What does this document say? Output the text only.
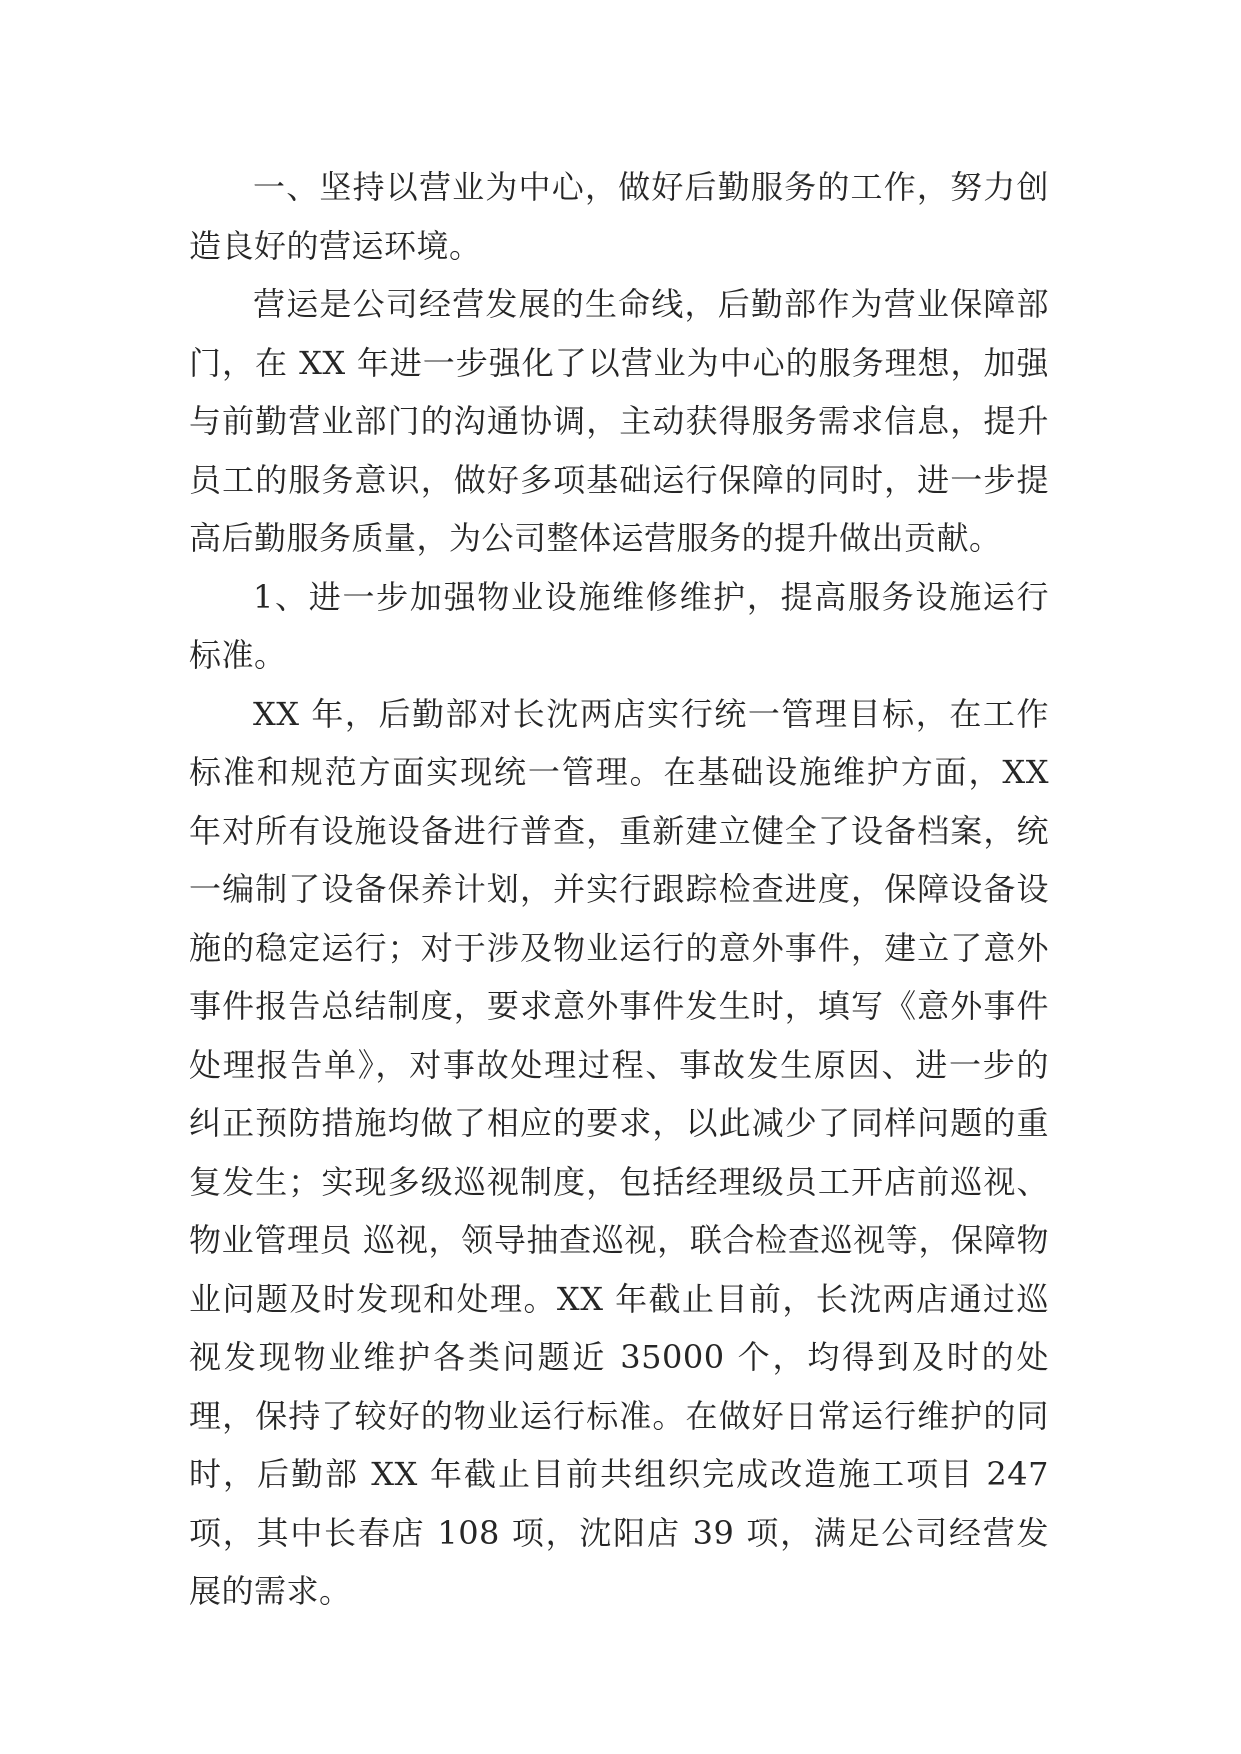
一、坚持以营业为中心，做好后勤服务的工作，努力创造良好的营运环境。

营运是公司经营发展的生命线，后勤部作为营业保障部门，在 XX 年进一步强化了以营业为中心的服务理想，加强与前勤营业部门的沟通协调，主动获得服务需求信息，提升员工的服务意识，做好多项基础运行保障的同时，进一步提高后勤服务质量，为公司整体运营服务的提升做出贡献。

1、进一步加强物业设施维修维护，提高服务设施运行标准。

XX 年，后勤部对长沈两店实行统一管理目标，在工作标准和规范方面实现统一管理。在基础设施维护方面，XX 年对所有设施设备进行普查，重新建立健全了设备档案，统一编制了设备保养计划，并实行跟踪检查进度，保障设备设施的稳定运行；对于涉及物业运行的意外事件，建立了意外事件报告总结制度，要求意外事件发生时，填写《意外事件处理报告单》，对事故处理过程、事故发生原因、进一步的纠正预防措施均做了相应的要求，以此减少了同样问题的重复发生；实现多级巡视制度，包括经理级员工开店前巡视、物业管理员 巡视，领导抽查巡视，联合检查巡视等，保障物业问题及时发现和处理。XX 年截止目前，长沈两店通过巡视发现物业维护各类问题近 35000 个，均得到及时的处理，保持了较好的物业运行标准。在做好日常运行维护的同时，后勤部 XX 年截止目前共组织完成改造施工项目 247 项，其中长春店 108 项，沈阳店 39 项，满足公司经营发展的需求。
